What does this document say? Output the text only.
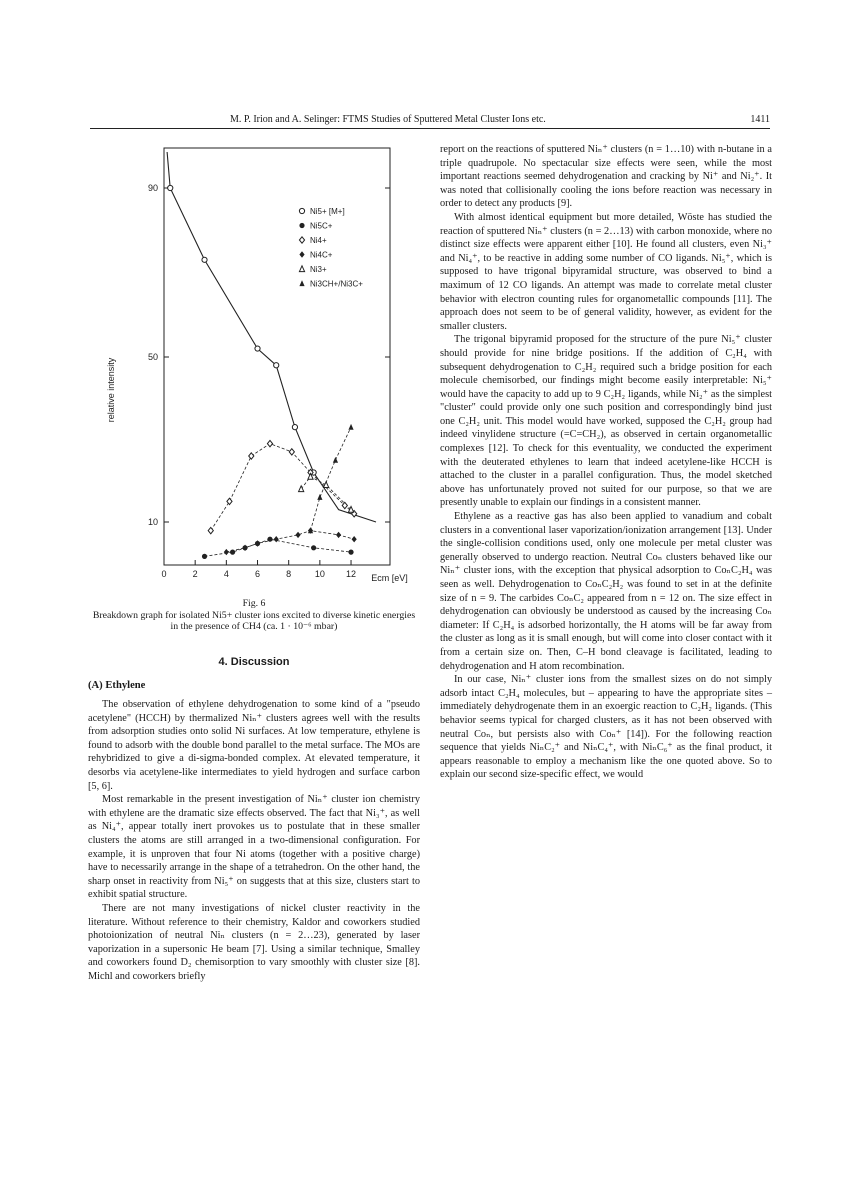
M. P. Irion and A. Selinger: FTMS Studies of Sputtered Metal Cluster Ions etc.	1411
0	2	4	6	8	10 12 Ecm [eV]
10
50
90
relative intensity
Ni5+ [M+]
Ni5C+
Ni4+
Ni4C+
Ni3+
Ni3CH+/Ni3C+
Fig. 6
Breakdown graph for isolated Ni5+ cluster ions excited to diverse kinetic energies in the presence of CH4 (ca. 1 · 10⁻⁶ mbar)
4. Discussion
(A) Ethylene

The observation of ethylene dehydrogenation to some kind of a "pseudo acetylene" (HCCH) by thermalized Niₙ⁺ clusters agrees well with the results from adsorption studies onto solid Ni surfaces. At low temperature, ethylene is found to adsorb with the double bond parallel to the metal surface. The MOs are rehybridized to give a di-sigma-bonded complex. At elevated temperature, it desorbs via acetylene-like intermediates to yield hydrogen and surface carbon [5, 6].

Most remarkable in the present investigation of Niₙ⁺ cluster ion chemistry with ethylene are the dramatic size effects observed. The fact that Ni₃⁺, as well as Ni₄⁺, appear totally inert provokes us to postulate that in these smaller clusters the atoms are still arranged in a two-dimensional configuration. For example, it is unproven that four Ni atoms (together with a positive charge) have to necessarily arrange in the shape of a tetrahedron. On the other hand, the sharp onset in reactivity from Ni₅⁺ on suggests that at this size, clusters start to exhibit spatial structure.

There are not many investigations of nickel cluster reactivity in the literature. Without reference to their chemistry, Kaldor and coworkers studied photoionization of neutral Niₙ clusters (n = 2…23), generated by laser vaporization in a supersonic He beam [7]. Using a similar technique, Smalley and coworkers found D₂ chemisorption to vary smoothly with cluster size [8]. Michl and coworkers briefly

report on the reactions of sputtered Niₙ⁺ clusters (n = 1…10) with n-butane in a triple quadrupole. No spectacular size effects were seen, while the most important reactions seemed dehydrogenation and cracking by Ni⁺ and Ni₂⁺. It was noted that collisionally cooling the ions before reaction was necessary in order to detect any products [9].

With almost identical equipment but more detailed, Wöste has studied the reaction of sputtered Niₙ⁺ clusters (n = 2…13) with carbon monoxide, where no distinct size effects were apparent either [10]. He found all clusters, even Ni₃⁺ and Ni₄⁺, to be reactive in adding some number of CO ligands. Ni₅⁺, which is supposed to have trigonal bipyramidal structure, was observed to bind a maximum of 12 CO ligands. An attempt was made to correlate metal cluster behavior with electron counting rules for organometallic compounds [11]. The approach does not seem to be of general validity, however, as evident for the smaller clusters.

The trigonal bipyramid proposed for the structure of the pure Ni₅⁺ cluster should provide for nine bridge positions. If the addition of C₂H₄ with subsequent dehydrogenation to C₂H₂ required such a bridge position for each molecule chemisorbed, our findings might become easily interpretable: Ni₅⁺ would have the capacity to add up to 9 C₂H₂ ligands, while Ni₂⁺ as the simplest "cluster" could provide only one such position and correspondingly bind just one C₂H₂ unit. This model would have worked, supposed the C₂H₂ group had indeed vinylidene structure (=C=CH₂), as observed in certain organometallic complexes [12]. To check for this eventuality, we conducted the experiment with the deuterated ethylenes to learn that indeed acetylene-like HCCH is attached to the cluster in a parallel configuration. Thus, the model sketched above has unfortunately proved not suited for our purpose, so that we are presently unable to explain our findings in a consistent manner.

Ethylene as a reactive gas has also been applied to vanadium and cobalt clusters in a conventional laser vaporization/ionization arrangement [13]. Under the single-collision conditions used, only one molecule per metal cluster was generally observed to undergo reaction. Neutral Coₙ clusters behaved like our Niₙ⁺ cluster ions, with the exception that physical adsorption to CoₙC₂H₄ was seen as well. Dehydrogenation to CoₙC₂H₂ was found to set in at the definite size of n = 9. The carbides CoₙC₂ appeared from n = 12 on. The size effect in dehydrogenation can obviously be understood as caused by the increasing Coₙ diameter: If C₂H₄ is adsorbed horizontally, the H atoms will be far away from the cluster as long as it is small enough, but will come into closer contact with it from a certain size on. Then, C–H bond cleavage is facilitated, leading to dehydrogenation and H atom recombination.

In our case, Niₙ⁺ cluster ions from the smallest sizes on do not simply adsorb intact C₂H₄ molecules, but – appearing to have the appropriate sites – immediately dehydrogenate them in an exoergic reaction to C₂H₂ ligands. (This behavior seems typical for charged clusters, as it has not been observed with neutral Coₙ, but persists also with Coₙ⁺ [14]). For the following reaction sequence that yields NiₙC₂⁺ and NiₙC₄⁺, with NiₙC₆⁺ as the final product, it appears reasonable to employ a mechanism like the one quoted above. So to explain our second size-specific effect, we would
